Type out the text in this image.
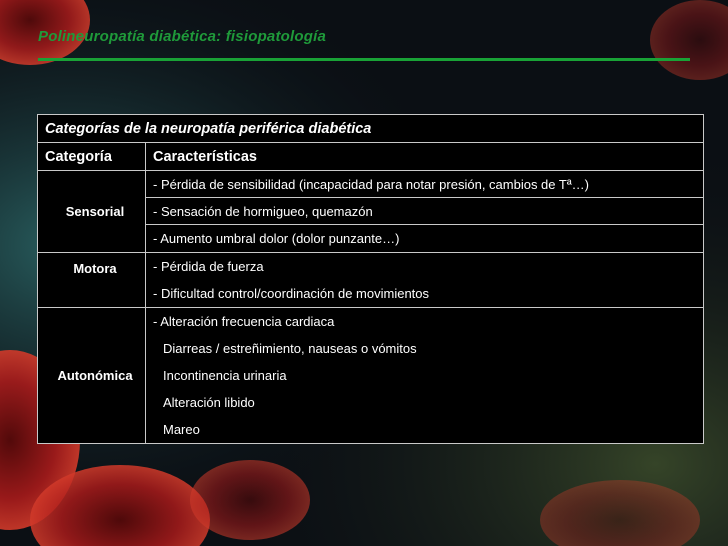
Polineuropatía diabética: fisiopatología
Categorías de la neuropatía periférica diabética	
Categoría	Características
Sensorial	- Pérdida de sensibilidad (incapacidad para notar presión, cambios de Tª…)
- Sensación de hormigueo, quemazón
- Aumento umbral dolor (dolor punzante…)

Motora	- Pérdida de fuerza
- Dificultad control/coordinación de movimientos

Autonómica	- Alteración frecuencia cardiaca
Diarreas / estreñimiento, nauseas o vómitos
Incontinencia urinaria
Alteración libido
Mareo
